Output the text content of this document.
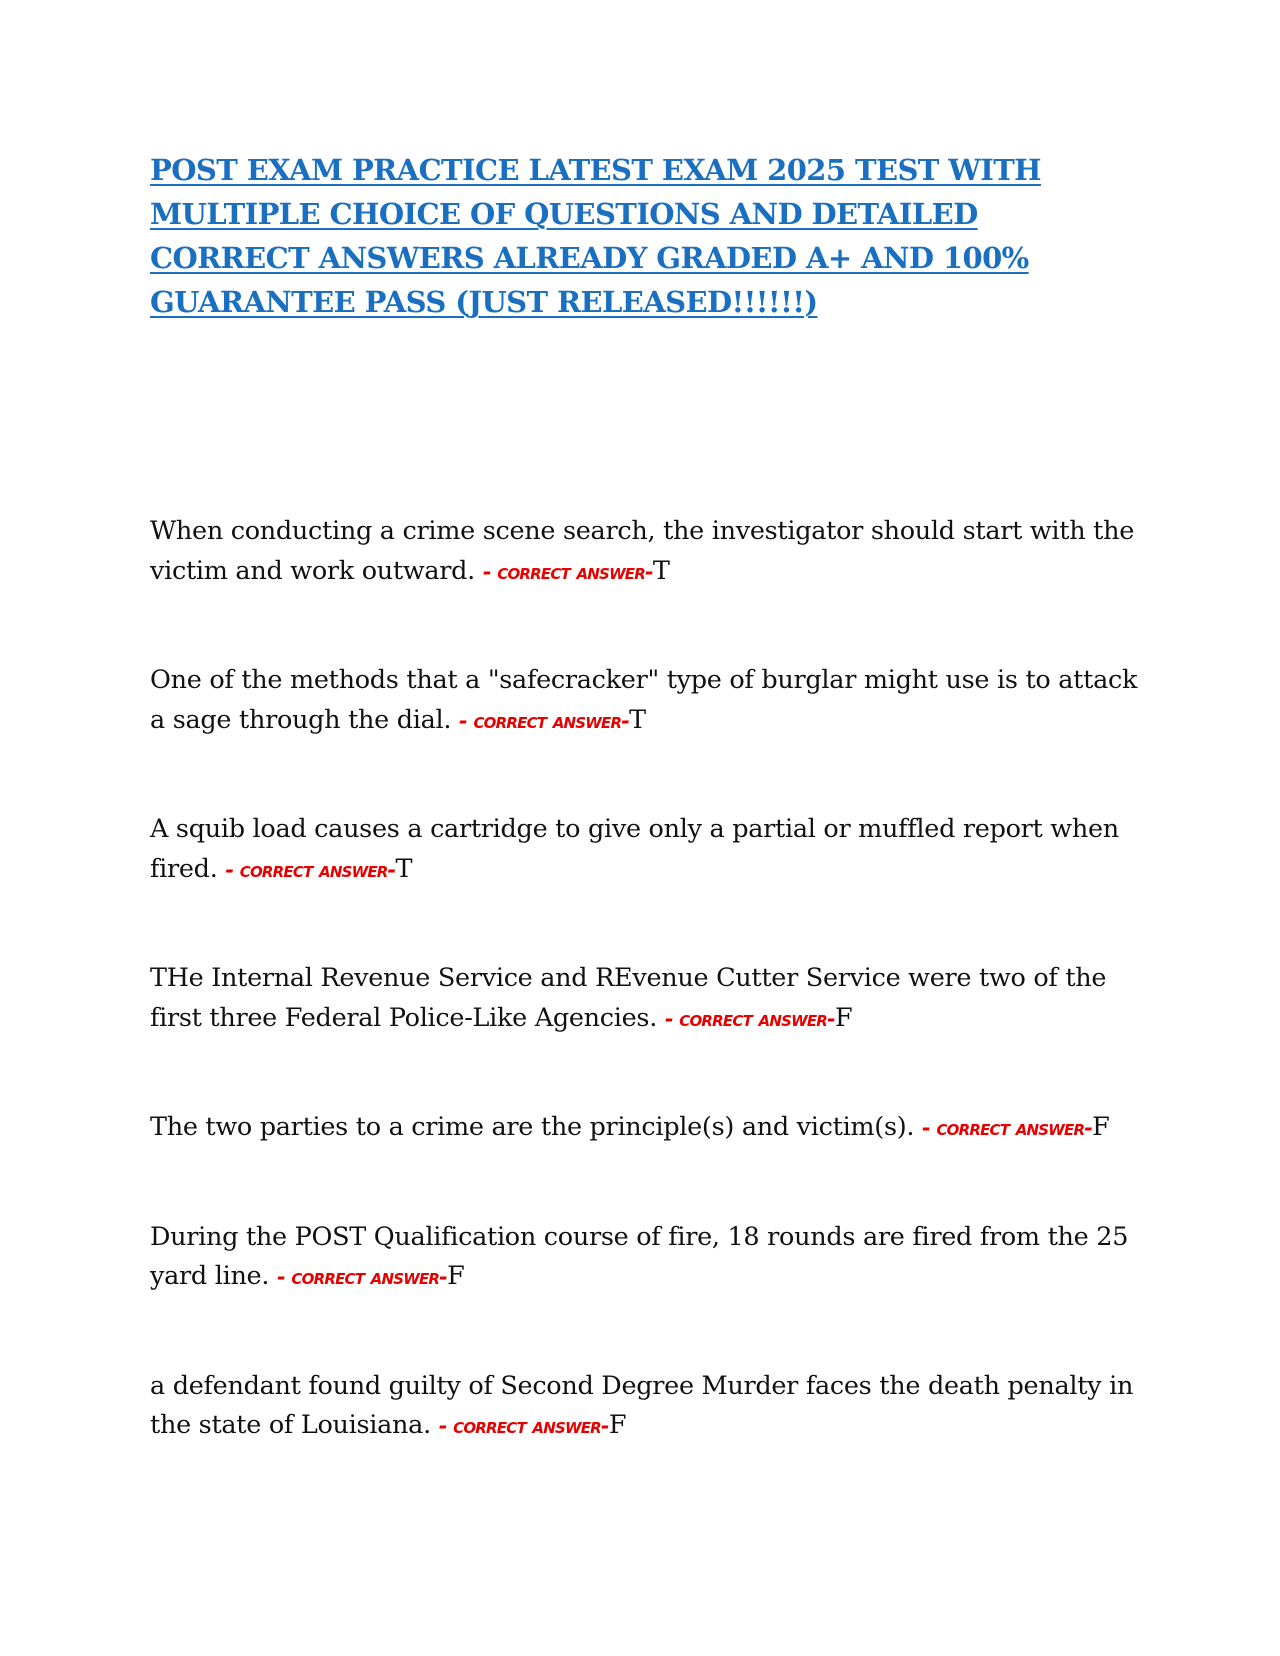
POST EXAM PRACTICE LATEST EXAM 2025 TEST WITH MULTIPLE CHOICE OF QUESTIONS AND DETAILED CORRECT ANSWERS ALREADY GRADED A+ AND 100% GUARANTEE PASS (JUST RELEASED!!!!!!)

When conducting a crime scene search, the investigator should start with the victim and work outward. - correct answer-T

One of the methods that a "safecracker" type of burglar might use is to attack a sage through the dial. - correct answer-T

A squib load causes a cartridge to give only a partial or muffled report when fired. - correct answer-T

THe Internal Revenue Service and REvenue Cutter Service were two of the first three Federal Police-Like Agencies. - correct answer-F

The two parties to a crime are the principle(s) and victim(s). - correct answer-F

During the POST Qualification course of fire, 18 rounds are fired from the 25 yard line. - correct answer-F

a defendant found guilty of Second Degree Murder faces the death penalty in the state of Louisiana. - correct answer-F
